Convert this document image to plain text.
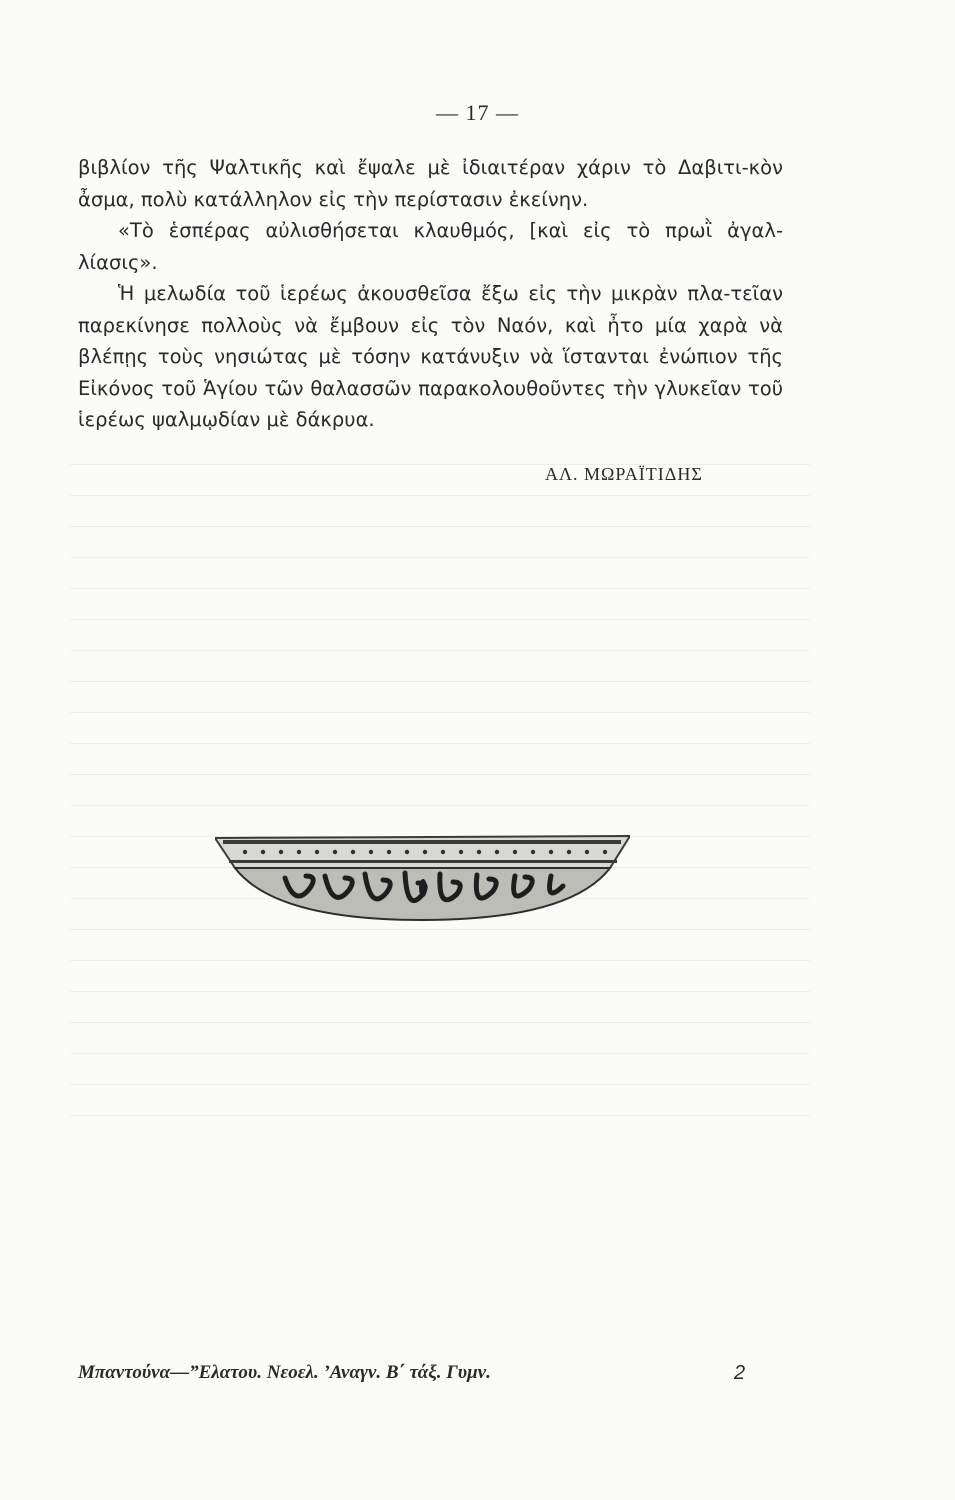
— 17 —

βιβλίον τῆς Ψαλτικῆς καὶ ἔψαλε μὲ ἰδιαιτέραν χάριν τὸ Δαβιτι-κὸν ἆσμα, πολὺ κατάλληλον εἰς τὴν περίστασιν ἐκείνην.

«Τὸ ἑσπέρας αὐλισθήσεται κλαυθμός, [καὶ εἰς τὸ πρωῒ ἀγαλ-λίασις».

Ἡ μελωδία τοῦ ἱερέως ἀκουσθεῖσα ἔξω εἰς τὴν μικρὰν πλα-τεῖαν παρεκίνησε πολλοὺς νὰ ἔμβουν εἰς τὸν Ναόν, καὶ ἦτο μία χαρὰ νὰ βλέπῃς τοὺς νησιώτας μὲ τόσην κατάνυξιν νὰ ἵστανται ἐνώπιον τῆς Εἰκόνος τοῦ Ἁγίου τῶν θαλασσῶν παρακολουθοῦντες τὴν γλυκεῖαν τοῦ ἱερέως ψαλμῳδίαν μὲ δάκρυα.

ΑΛ. ΜΩΡΑΪΤΙΔΗΣ
Μπαντούνα—”Ελατου. Νεοελ. ’Αναγν. Β΄ τάξ. Γυμν.	2
